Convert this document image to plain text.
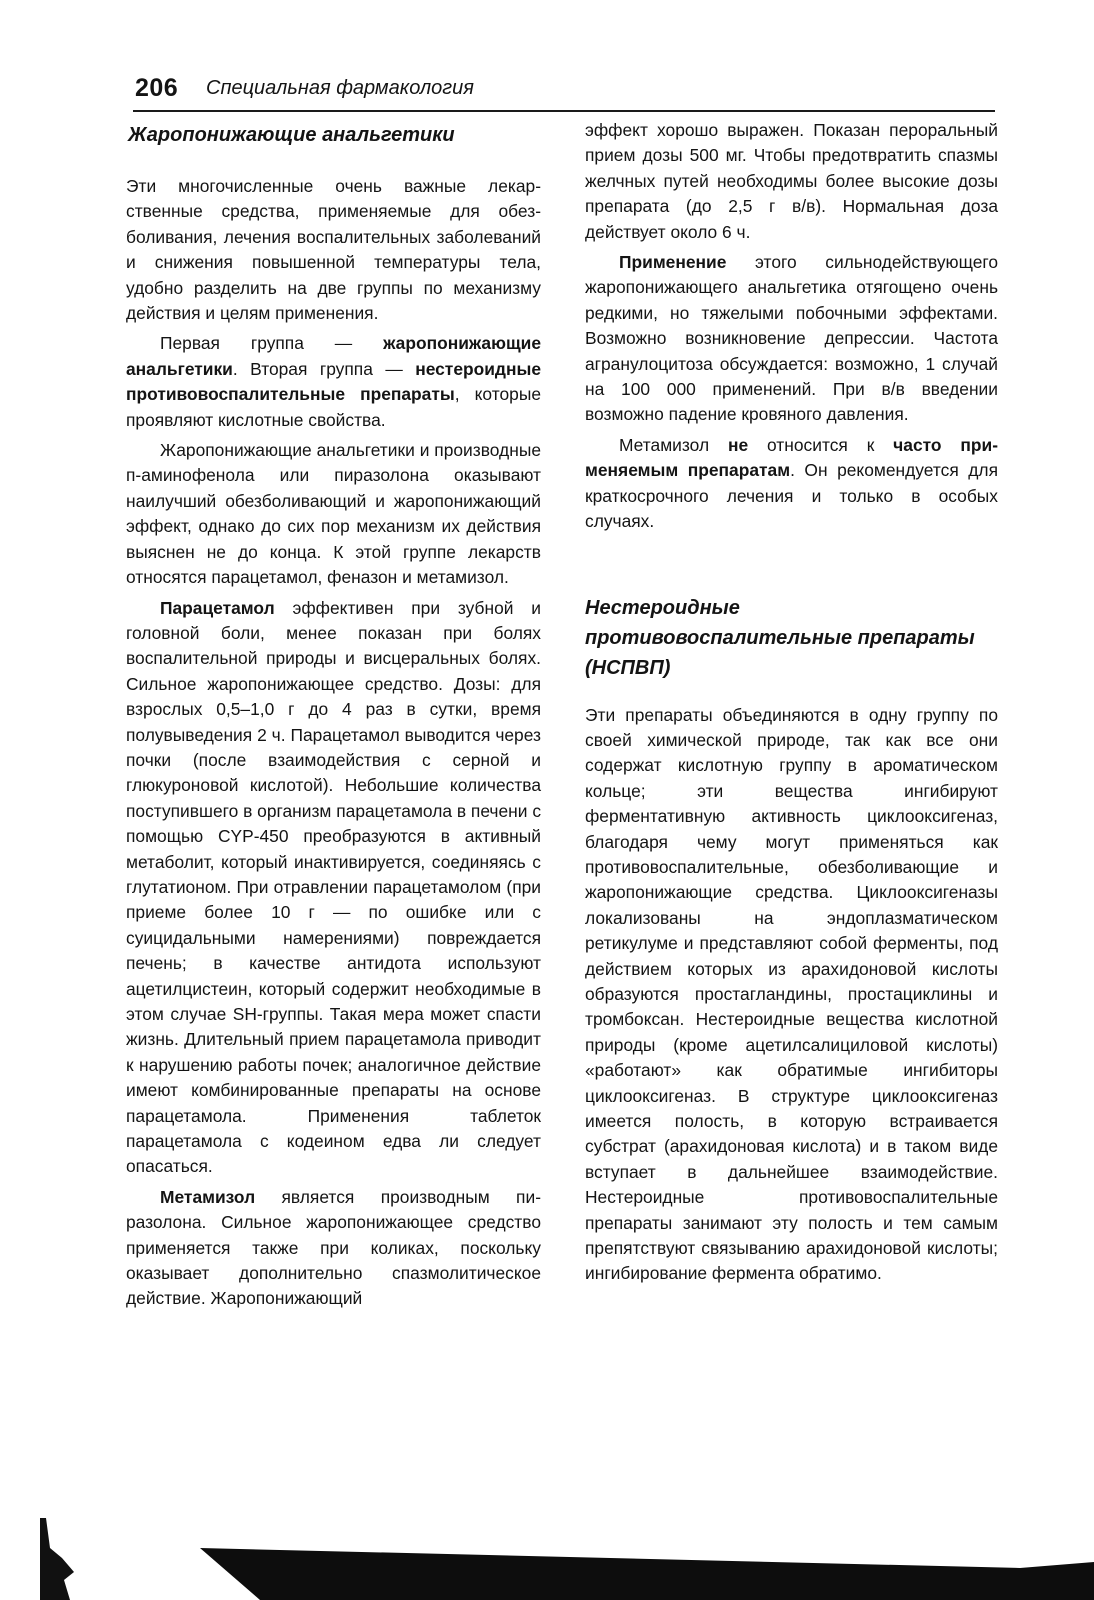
206 Специальная фармакология
Жаропонижающие анальгетики

Эти многочисленные очень важные лекарственные средства, применяемые для обезболивания, лечения воспалительных заболеваний и снижения повышенной температуры тела, удобно разделить на две группы по механизму действия и целям применения.

Первая группа — жаропонижающие анальгетики. Вторая группа — нестероидные противовоспалительные препараты, которые проявляют кислотные свойства.

Жаропонижающие анальгетики и производные п-аминофенола или пиразолона оказывают наилучший обезболивающий и жаропонижающий эффект, однако до сих пор механизм их действия выяснен не до конца. К этой группе лекарств относятся парацетамол, феназон и метамизол.

Парацетамол эффективен при зубной и головной боли, менее показан при болях воспалительной природы и висцеральных болях. Сильное жаропонижающее средство. Дозы: для взрослых 0,5–1,0 г до 4 раз в сутки, время полувыведения 2 ч. Парацетамол выводится через почки (после взаимодействия с серной и глюкуроновой кислотой). Небольшие количества поступившего в организм парацетамола в печени с помощью CYP-450 преобразуются в активный метаболит, который инактивируется, соединяясь с глутатионом. При отравлении парацетамолом (при приеме более 10 г — по ошибке или с суицидальными намерениями) повреждается печень; в качестве антидота используют ацетилцистеин, который содержит необходимые в этом случае SH-группы. Такая мера может спасти жизнь. Длительный прием парацетамола приводит к нарушению работы почек; аналогичное действие имеют комбинированные препараты на основе парацетамола. Применения таблеток парацетамола с кодеином едва ли следует опасаться.

Метамизол является производным пиразолона. Сильное жаропонижающее средство применяется также при коликах, поскольку оказывает дополнительно спазмолитическое действие. Жаропонижающий

эффект хорошо выражен. Показан пероральный прием дозы 500 мг. Чтобы предотвратить спазмы желчных путей необходимы более высокие дозы препарата (до 2,5 г в/в). Нормальная доза действует около 6 ч.

Применение этого сильнодействующего жаропонижающего анальгетика отягощено очень редкими, но тяжелыми побочными эффектами. Возможно возникновение депрессии. Частота агранулоцитоза обсуждается: возможно, 1 случай на 100 000 применений. При в/в введении возможно падение кровяного давления.

Метамизол не относится к часто применяемым препаратам. Он рекомендуется для краткосрочного лечения и только в особых случаях.

Нестероидные противовоспалительные препараты (НСПВП)

Эти препараты объединяются в одну группу по своей химической природе, так как все они содержат кислотную группу в ароматическом кольце; эти вещества ингибируют ферментативную активность циклооксигеназ, благодаря чему могут применяться как противовоспалительные, обезболивающие и жаропонижающие средства. Циклооксигеназы локализованы на эндоплазматическом ретикулуме и представляют собой ферменты, под действием которых из арахидоновой кислоты образуются простагландины, простациклины и тромбоксан. Нестероидные вещества кислотной природы (кроме ацетилсалициловой кислоты) «работают» как обратимые ингибиторы циклооксигеназ. В структуре циклооксигеназ имеется полость, в которую встраивается субстрат (арахидоновая кислота) и в таком виде вступает в дальнейшее взаимодействие. Нестероидные противовоспалительные препараты занимают эту полость и тем самым препятствуют связыванию арахидоновой кислоты; ингибирование фермента обратимо.
